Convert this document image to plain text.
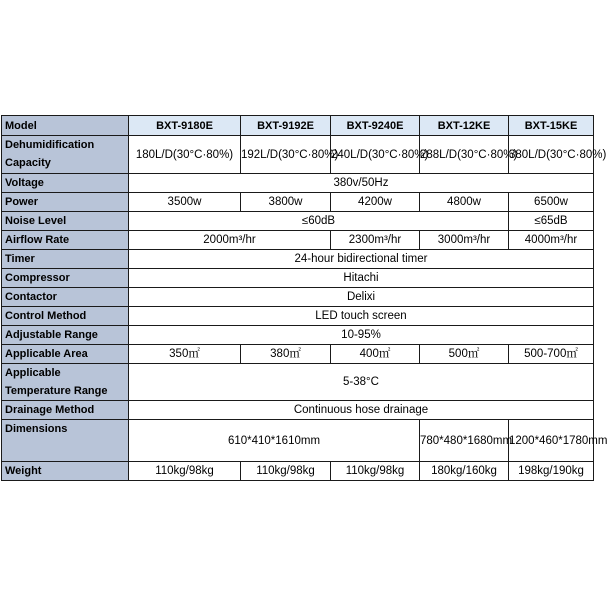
Model	BXT-9180E	BXT-9192E	BXT-9240E	BXT-12KE	BXT-15KE
Dehumidification Capacity	180L/D(30°C·80%)	192L/D(30°C·80%)	240L/D(30°C·80%)	288L/D(30°C·80%)	380L/D(30°C·80%)
Voltage	380v/50Hz				
Power	3500w	3800w	4200w	4800w	6500w
Noise Level	≤60dB				≤65dB
Airflow Rate	2000m³/hr		2300m³/hr	3000m³/hr	4000m³/hr
Timer	24-hour bidirectional timer				
Compressor	Hitachi				
Contactor	Delixi				
Control Method	LED touch screen				
Adjustable Range	10-95%				
Applicable Area	350㎡	380㎡	400㎡	500㎡	500-700㎡
Applicable Temperature Range	5-38°C				
Drainage Method	Continuous hose drainage				
Dimensions	610*410*1610mm			780*480*1680mm	1200*460*1780mm
Weight	110kg/98kg	110kg/98kg	110kg/98kg	180kg/160kg	198kg/190kg
